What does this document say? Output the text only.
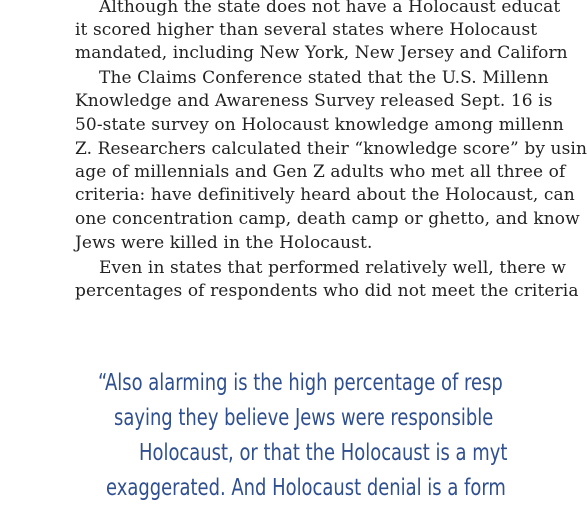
Although the state does not have a Holocaust educat
it scored higher than several states where Holocaust
mandated, including New York, New Jersey and Californ
The Claims Conference stated that the U.S. Millenn
Knowledge and Awareness Survey released Sept. 16 is
50-state survey on Holocaust knowledge among millenn
Z. Researchers calculated their “knowledge score” by usin
age of millennials and Gen Z adults who met all three of
criteria: have definitively heard about the Holocaust, can
one concentration camp, death camp or ghetto, and know
Jews were killed in the Holocaust.
Even in states that performed relatively well, there w
percentages of respondents who did not meet the criteria
“Also alarming is the high percentage of resp
saying they believe Jews were responsible
Holocaust, or that the Holocaust is a myt
exaggerated. And Holocaust denial is a form
